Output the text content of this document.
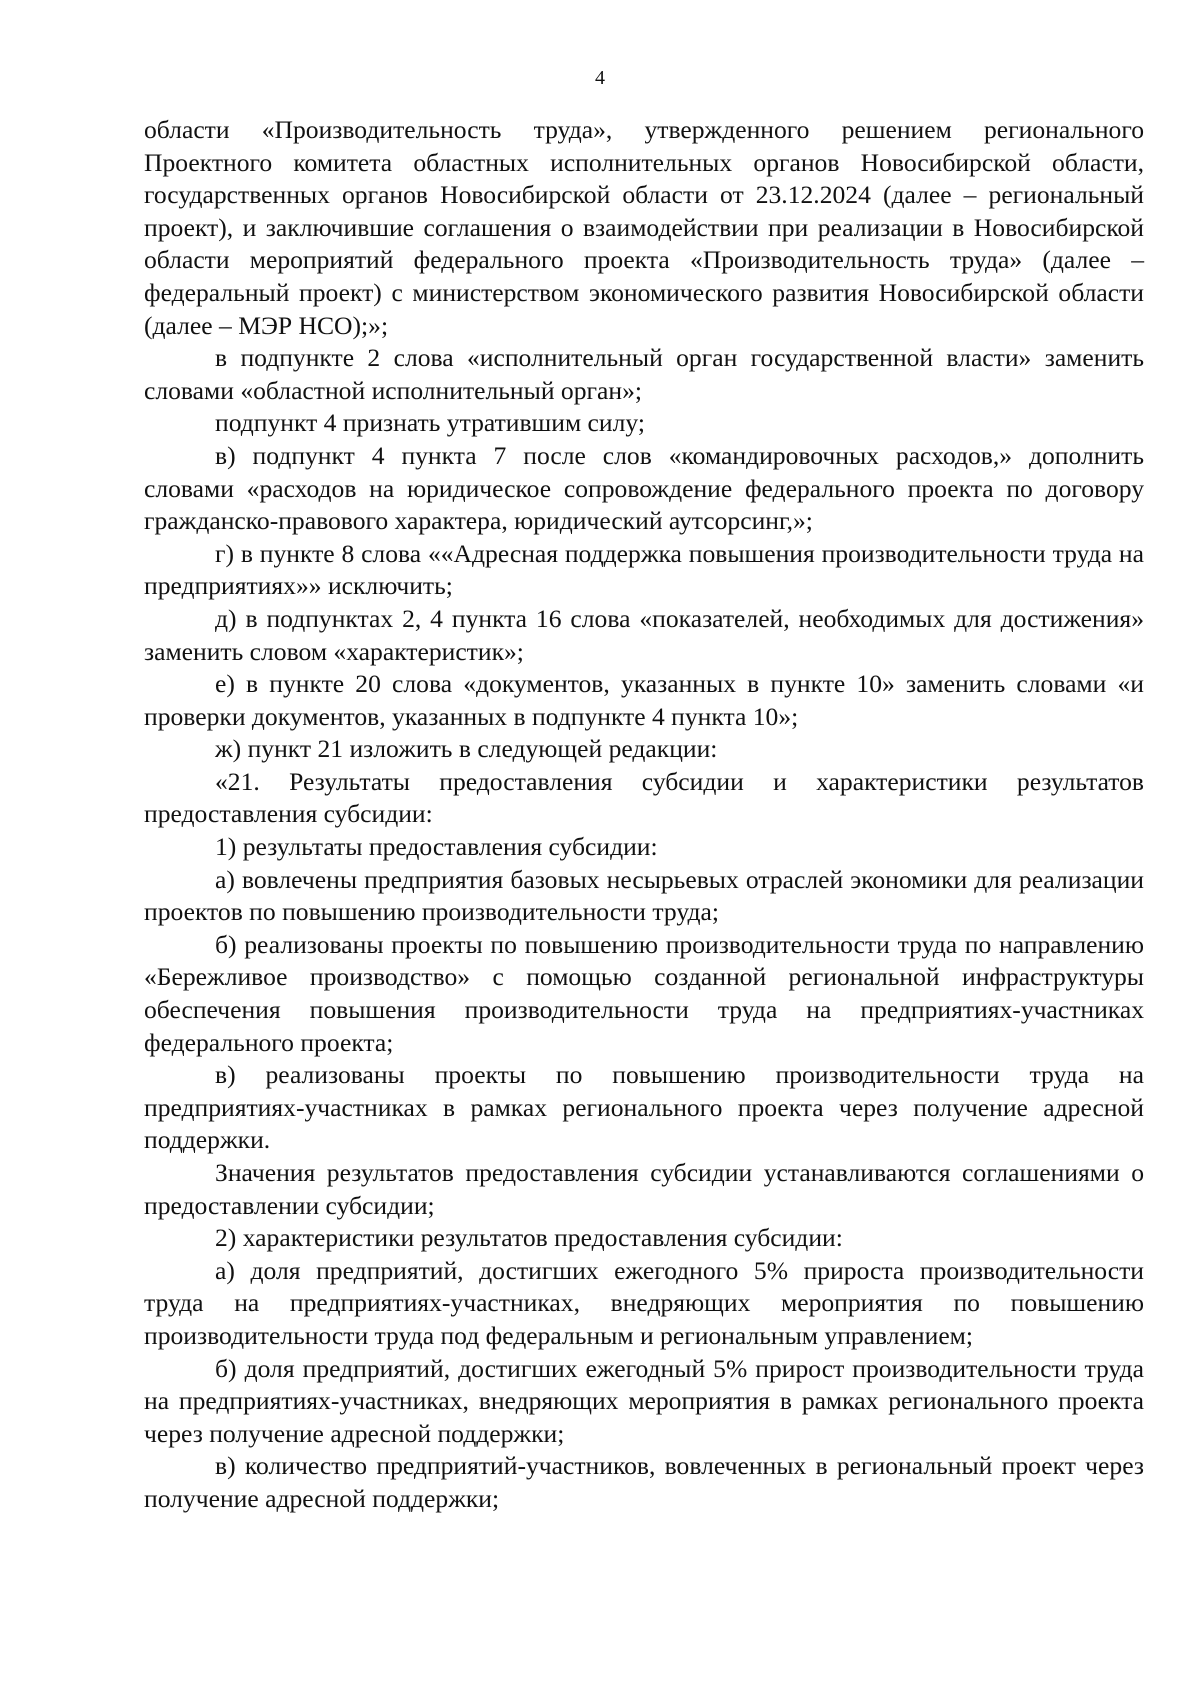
4

области «Производительность труда», утвержденного решением регионального Проектного комитета областных исполнительных органов Новосибирской области, государственных органов Новосибирской области от 23.12.2024 (далее – региональный проект), и заключившие соглашения о взаимодействии при реализации в Новосибирской области мероприятий федерального проекта «Производительность труда» (далее – федеральный проект) с министерством экономического развития Новосибирской области (далее – МЭР НСО);»;

в подпункте 2 слова «исполнительный орган государственной власти» заменить словами «областной исполнительный орган»;

подпункт 4 признать утратившим силу;

в) подпункт 4 пункта 7 после слов «командировочных расходов,» дополнить словами «расходов на юридическое сопровождение федерального проекта по договору гражданско-правового характера, юридический аутсорсинг,»;

г) в пункте 8 слова ««Адресная поддержка повышения производительности труда на предприятиях»» исключить;

д) в подпунктах 2, 4 пункта 16 слова «показателей, необходимых для достижения» заменить словом «характеристик»;

е) в пункте 20 слова «документов, указанных в пункте 10» заменить словами «и проверки документов, указанных в подпункте 4 пункта 10»;

ж) пункт 21 изложить в следующей редакции:

«21. Результаты предоставления субсидии и характеристики результатов предоставления субсидии:

1) результаты предоставления субсидии:

а) вовлечены предприятия базовых несырьевых отраслей экономики для реализации проектов по повышению производительности труда;

б) реализованы проекты по повышению производительности труда по направлению «Бережливое производство» с помощью созданной региональной инфраструктуры обеспечения повышения производительности труда на предприятиях-участниках федерального проекта;

в) реализованы проекты по повышению производительности труда на предприятиях-участниках в рамках регионального проекта через получение адресной поддержки.

Значения результатов предоставления субсидии устанавливаются соглашениями о предоставлении субсидии;

2) характеристики результатов предоставления субсидии:

а) доля предприятий, достигших ежегодного 5% прироста производительности труда на предприятиях-участниках, внедряющих мероприятия по повышению производительности труда под федеральным и региональным управлением;

б) доля предприятий, достигших ежегодный 5% прирост производительности труда на предприятиях-участниках, внедряющих мероприятия в рамках регионального проекта через получение адресной поддержки;

в) количество предприятий-участников, вовлеченных в региональный проект через получение адресной поддержки;
